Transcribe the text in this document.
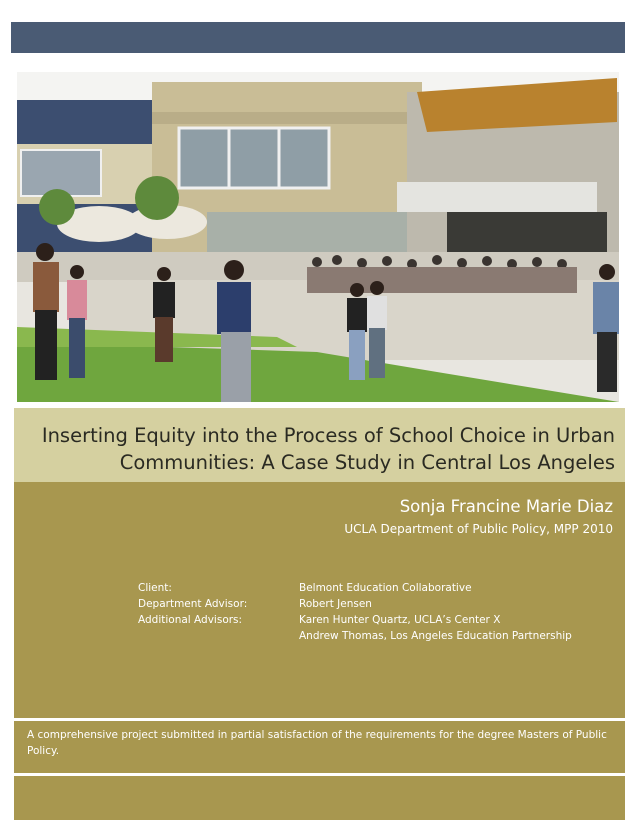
Inserting Equity into the Process of School Choice in Urban
Communities: A Case Study in Central Los Angeles
Sonja Francine Marie Diaz
UCLA Department of Public Policy, MPP 2010
Client:	Belmont Education Collaborative
Department Advisor:	Robert Jensen
Additional Advisors:	Karen Hunter Quartz, UCLA’s Center X
Andrew Thomas, Los Angeles Education Partnership
A comprehensive project submitted in partial satisfaction of the requirements for the degree Masters of Public Policy.
